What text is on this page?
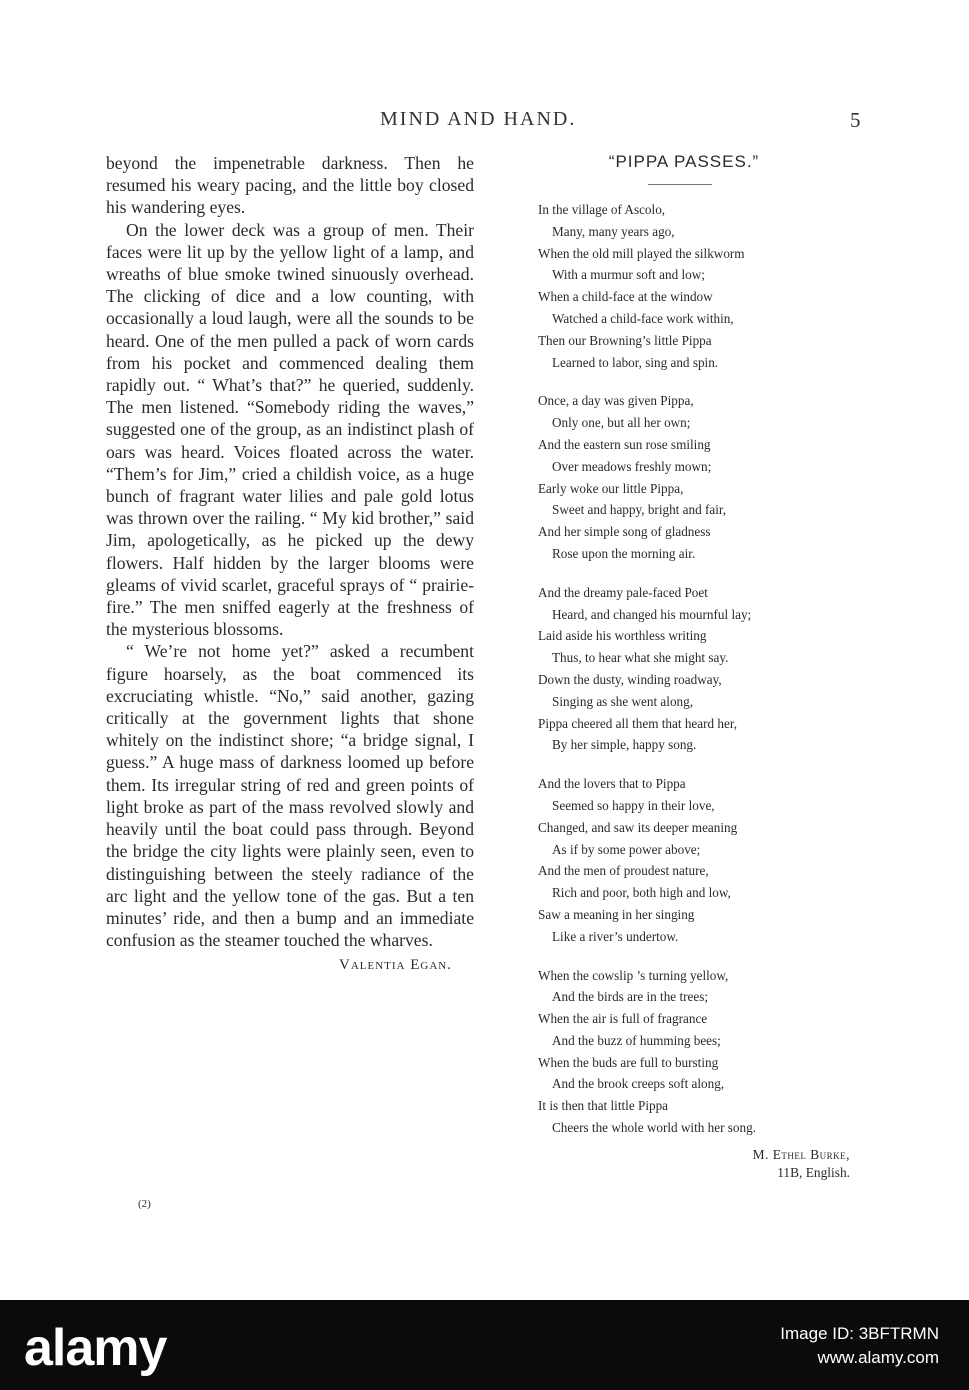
MIND AND HAND.	5

beyond the impenetrable darkness. Then he resumed his weary pacing, and the little boy closed his wandering eyes.

On the lower deck was a group of men. Their faces were lit up by the yellow light of a lamp, and wreaths of blue smoke twined sinuously overhead. The clicking of dice and a low counting, with occasionally a loud laugh, were all the sounds to be heard. One of the men pulled a pack of worn cards from his pocket and commenced dealing them rapidly out. “ What’s that?” he queried, suddenly. The men listened. “Somebody riding the waves,” suggested one of the group, as an indistinct plash of oars was heard. Voices floated across the water. “Them’s for Jim,” cried a childish voice, as a huge bunch of fragrant water lilies and pale gold lotus was thrown over the railing. “ My kid brother,” said Jim, apologetically, as he picked up the dewy flowers. Half hidden by the larger blooms were gleams of vivid scarlet, graceful sprays of “ prairie-fire.” The men sniffed eagerly at the freshness of the mysterious blossoms.

“ We’re not home yet?” asked a recumbent figure hoarsely, as the boat commenced its excruciating whistle. “No,” said another, gazing critically at the government lights that shone whitely on the indistinct shore; “a bridge signal, I guess.” A huge mass of darkness loomed up before them. Its irregular string of red and green points of light broke as part of the mass revolved slowly and heavily until the boat could pass through. Beyond the bridge the city lights were plainly seen, even to distinguishing between the steely radiance of the arc light and the yellow tone of the gas. But a ten minutes’ ride, and then a bump and an immediate confusion as the steamer touched the wharves.

Valentia Egan.

“PIPPA PASSES.”

In the village of Ascolo,
Many, many years ago,
When the old mill played the silkworm
With a murmur soft and low;
When a child-face at the window
Watched a child-face work within,
Then our Browning’s little Pippa
Learned to labor, sing and spin.
Once, a day was given Pippa,
Only one, but all her own;
And the eastern sun rose smiling
Over meadows freshly mown;
Early woke our little Pippa,
Sweet and happy, bright and fair,
And her simple song of gladness
Rose upon the morning air.
And the dreamy pale-faced Poet
Heard, and changed his mournful lay;
Laid aside his worthless writing
Thus, to hear what she might say.
Down the dusty, winding roadway,
Singing as she went along,
Pippa cheered all them that heard her,
By her simple, happy song.
And the lovers that to Pippa
Seemed so happy in their love,
Changed, and saw its deeper meaning
As if by some power above;
And the men of proudest nature,
Rich and poor, both high and low,
Saw a meaning in her singing
Like a river’s undertow.
When the cowslip ’s turning yellow,
And the birds are in the trees;
When the air is full of fragrance
And the buzz of humming bees;
When the buds are full to bursting
And the brook creeps soft along,
It is then that little Pippa
Cheers the whole world with her song.
M. Ethel Burke,
11B, English.
(2)
alamy	Image ID: 3BFTRMN
www.alamy.com
